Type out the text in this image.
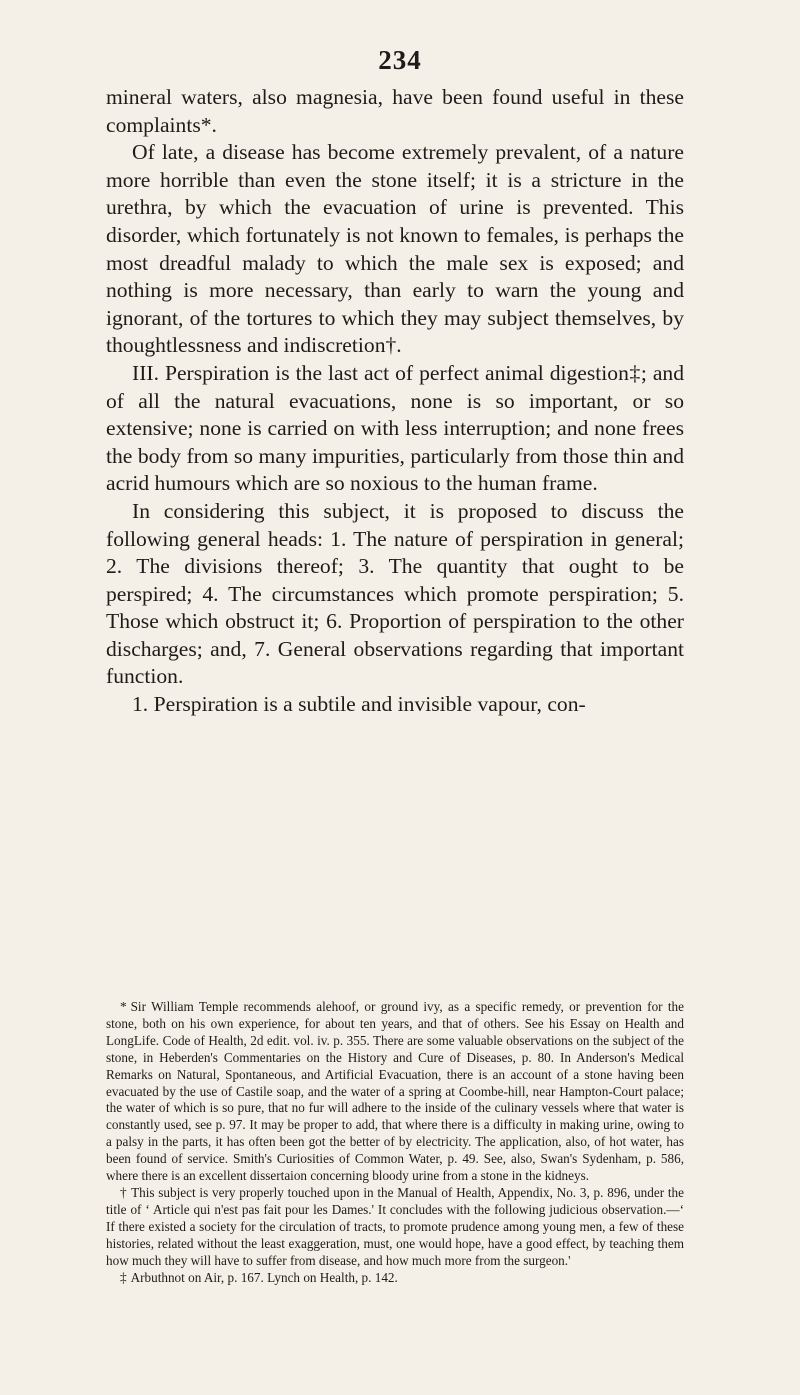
234

mineral waters, also magnesia, have been found useful in these complaints*.

Of late, a disease has become extremely prevalent, of a nature more horrible than even the stone itself; it is a stricture in the urethra, by which the evacuation of urine is prevented. This disorder, which fortunately is not known to females, is perhaps the most dreadful malady to which the male sex is exposed; and nothing is more necessary, than early to warn the young and ignorant, of the tortures to which they may subject themselves, by thoughtlessness and indiscretion†.

III. Perspiration is the last act of perfect animal digestion‡; and of all the natural evacuations, none is so important, or so extensive; none is carried on with less interruption; and none frees the body from so many impurities, particularly from those thin and acrid humours which are so noxious to the human frame.

In considering this subject, it is proposed to discuss the following general heads: 1. The nature of perspiration in general; 2. The divisions thereof; 3. The quantity that ought to be perspired; 4. The circumstances which promote perspiration; 5. Those which obstruct it; 6. Proportion of perspiration to the other discharges; and, 7. General observations regarding that important function.

1. Perspiration is a subtile and invisible vapour, con-

* Sir William Temple recommends alehoof, or ground ivy, as a specific remedy, or prevention for the stone, both on his own experience, for about ten years, and that of others. See his Essay on Health and LongLife. Code of Health, 2d edit. vol. iv. p. 355. There are some valuable observations on the subject of the stone, in Heberden's Commentaries on the History and Cure of Diseases, p. 80. In Anderson's Medical Remarks on Natural, Spontaneous, and Artificial Evacuation, there is an account of a stone having been evacuated by the use of Castile soap, and the water of a spring at Coombe-hill, near Hampton-Court palace; the water of which is so pure, that no fur will adhere to the inside of the culinary vessels where that water is constantly used, see p. 97. It may be proper to add, that where there is a difficulty in making urine, owing to a palsy in the parts, it has often been got the better of by electricity. The application, also, of hot water, has been found of service. Smith's Curiosities of Common Water, p. 49. See, also, Swan's Sydenham, p. 586, where there is an excellent dissertaion concerning bloody urine from a stone in the kidneys.

† This subject is very properly touched upon in the Manual of Health, Appendix, No. 3, p. 896, under the title of ‘ Article qui n'est pas fait pour les Dames.' It concludes with the following judicious observation.—‘ If there existed a society for the circulation of tracts, to promote prudence among young men, a few of these histories, related without the least exaggeration, must, one would hope, have a good effect, by teaching them how much they will have to suffer from disease, and how much more from the surgeon.'

‡ Arbuthnot on Air, p. 167. Lynch on Health, p. 142.
